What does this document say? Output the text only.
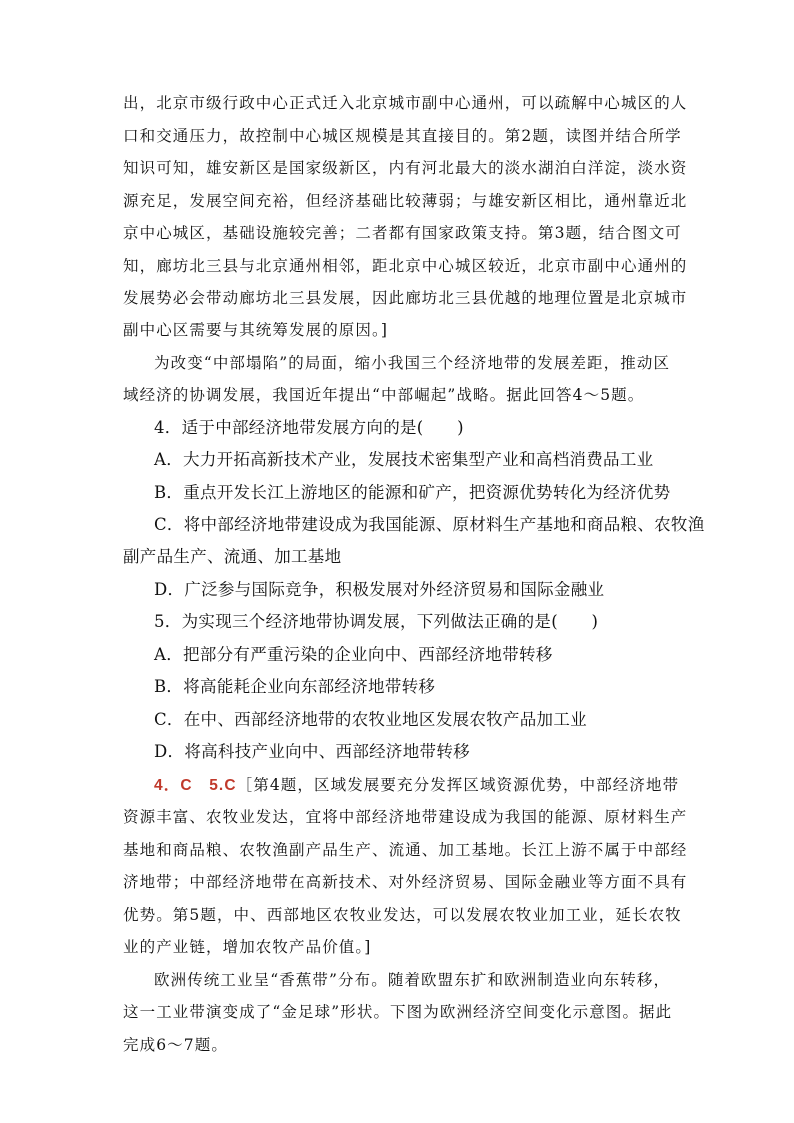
出，北京市级行政中心正式迁入北京城市副中心通州，可以疏解中心城区的人
口和交通压力，故控制中心城区规模是其直接目的。第2题，读图并结合所学
知识可知，雄安新区是国家级新区，内有河北最大的淡水湖泊白洋淀，淡水资
源充足，发展空间充裕，但经济基础比较薄弱；与雄安新区相比，通州靠近北
京中心城区，基础设施较完善；二者都有国家政策支持。第3题，结合图文可
知，廊坊北三县与北京通州相邻，距北京中心城区较近，北京市副中心通州的
发展势必会带动廊坊北三县发展，因此廊坊北三县优越的地理位置是北京城市
副中心区需要与其统筹发展的原因。]
为改变“中部塌陷”的局面，缩小我国三个经济地带的发展差距，推动区
域经济的协调发展，我国近年提出“中部崛起”战略。据此回答4～5题。
4．适于中部经济地带发展方向的是(　　)
A．大力开拓高新技术产业，发展技术密集型产业和高档消费品工业
B．重点开发长江上游地区的能源和矿产，把资源优势转化为经济优势
C．将中部经济地带建设成为我国能源、原材料生产基地和商品粮、农牧渔
副产品生产、流通、加工基地
D．广泛参与国际竞争，积极发展对外经济贸易和国际金融业
5．为实现三个经济地带协调发展，下列做法正确的是(　　)
A．把部分有严重污染的企业向中、西部经济地带转移
B．将高能耗企业向东部经济地带转移
C．在中、西部经济地带的农牧业地区发展农牧产品加工业
D．将高科技产业向中、西部经济地带转移
4．C　5.C［第4题，区域发展要充分发挥区域资源优势，中部经济地带
资源丰富、农牧业发达，宜将中部经济地带建设成为我国的能源、原材料生产
基地和商品粮、农牧渔副产品生产、流通、加工基地。长江上游不属于中部经
济地带；中部经济地带在高新技术、对外经济贸易、国际金融业等方面不具有
优势。第5题，中、西部地区农牧业发达，可以发展农牧业加工业，延长农牧
业的产业链，增加农牧产品价值。]
欧洲传统工业呈“香蕉带”分布。随着欧盟东扩和欧洲制造业向东转移，
这一工业带演变成了“金足球”形状。下图为欧洲经济空间变化示意图。据此
完成6～7题。
